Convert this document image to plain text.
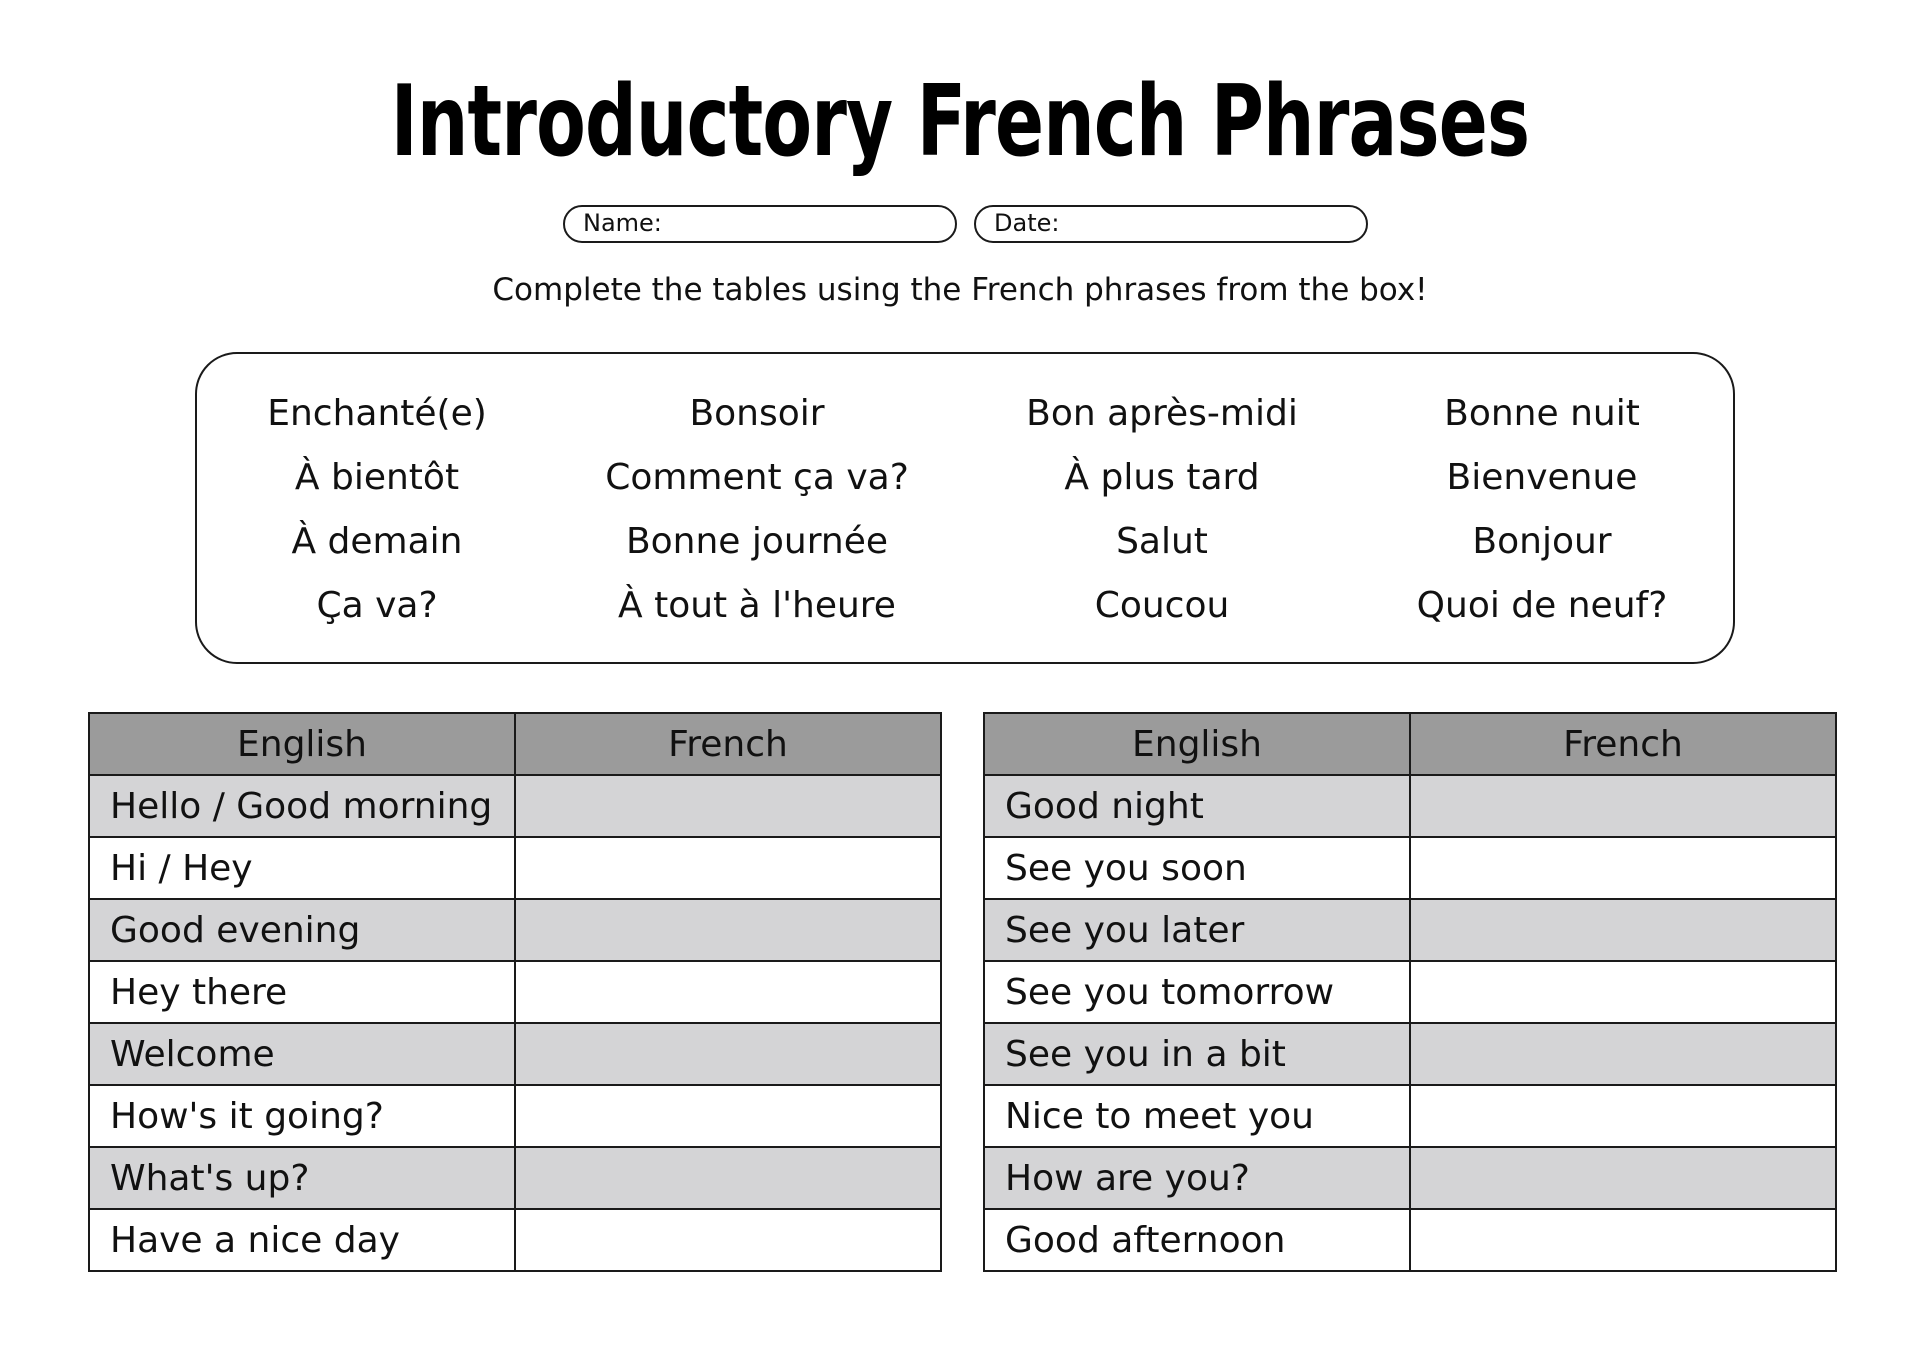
Introductory French Phrases
Name:	Date:
Complete the tables using the French phrases from the box!
Enchanté(e)
À bientôt
À demain
Ça va?
Bonsoir
Comment ça va?
Bonne journée
À tout à l'heure
Bon après-midi
À plus tard
Salut
Coucou
Bonne nuit
Bienvenue
Bonjour
Quoi de neuf?
English	French
Hello / Good morning	
Hi / Hey	
Good evening	
Hey there	
Welcome	
How's it going?	
What's up?	
Have a nice day	
English	French
Good night	
See you soon	
See you later	
See you tomorrow	
See you in a bit	
Nice to meet you	
How are you?	
Good afternoon	
